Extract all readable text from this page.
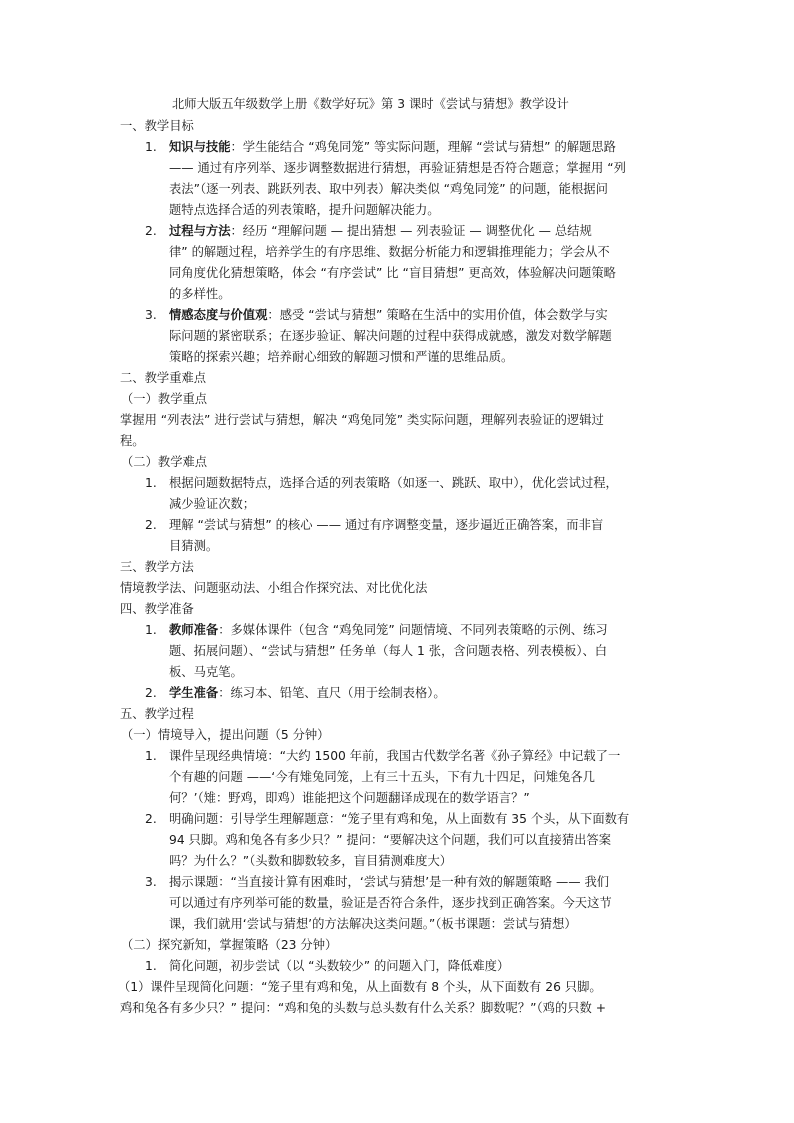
北师大版五年级数学上册《数学好玩》第 3 课时《尝试与猜想》教学设计
一、教学目标
1. 知识与技能：学生能结合 “鸡兔同笼” 等实际问题，理解 “尝试与猜想” 的解题思路
—— 通过有序列举、逐步调整数据进行猜想，再验证猜想是否符合题意；掌握用 “列
表法”（逐一列表、跳跃列表、取中列表）解决类似 “鸡兔同笼” 的问题，能根据问
题特点选择合适的列表策略，提升问题解决能力。
2. 过程与方法：经历 “理解问题 — 提出猜想 — 列表验证 — 调整优化 — 总结规
律” 的解题过程，培养学生的有序思维、数据分析能力和逻辑推理能力；学会从不
同角度优化猜想策略，体会 “有序尝试” 比 “盲目猜想” 更高效，体验解决问题策略
的多样性。
3. 情感态度与价值观：感受 “尝试与猜想” 策略在生活中的实用价值，体会数学与实
际问题的紧密联系；在逐步验证、解决问题的过程中获得成就感，激发对数学解题
策略的探索兴趣；培养耐心细致的解题习惯和严谨的思维品质。
二、教学重难点
（一）教学重点
掌握用 “列表法” 进行尝试与猜想，解决 “鸡兔同笼” 类实际问题，理解列表验证的逻辑过
程。
（二）教学难点
1. 根据问题数据特点，选择合适的列表策略（如逐一、跳跃、取中），优化尝试过程，
减少验证次数；
2. 理解 “尝试与猜想” 的核心 —— 通过有序调整变量，逐步逼近正确答案，而非盲
目猜测。
三、教学方法
情境教学法、问题驱动法、小组合作探究法、对比优化法
四、教学准备
1. 教师准备：多媒体课件（包含 “鸡兔同笼” 问题情境、不同列表策略的示例、练习
题、拓展问题）、“尝试与猜想” 任务单（每人 1 张，含问题表格、列表模板）、白
板、马克笔。
2. 学生准备：练习本、铅笔、直尺（用于绘制表格）。
五、教学过程
（一）情境导入，提出问题（5 分钟）
1. 课件呈现经典情境：“大约 1500 年前，我国古代数学名著《孙子算经》中记载了一
个有趣的问题 ——‘今有雉兔同笼，上有三十五头，下有九十四足，问雉兔各几
何？’（雉：野鸡，即鸡）谁能把这个问题翻译成现在的数学语言？”
2. 明确问题：引导学生理解题意：“笼子里有鸡和兔，从上面数有 35 个头，从下面数有
94 只脚。鸡和兔各有多少只？” 提问：“要解决这个问题，我们可以直接猜出答案
吗？为什么？”（头数和脚数较多，盲目猜测难度大）
3. 揭示课题：“当直接计算有困难时，‘尝试与猜想’是一种有效的解题策略 —— 我们
可以通过有序列举可能的数量，验证是否符合条件，逐步找到正确答案。今天这节
课，我们就用‘尝试与猜想’的方法解决这类问题。”（板书课题：尝试与猜想）
（二）探究新知，掌握策略（23 分钟）
1. 简化问题，初步尝试（以 “头数较少” 的问题入门，降低难度）
（1）课件呈现简化问题：“笼子里有鸡和兔，从上面数有 8 个头，从下面数有 26 只脚。
鸡和兔各有多少只？” 提问：“鸡和兔的头数与总头数有什么关系？脚数呢？”（鸡的只数 +
